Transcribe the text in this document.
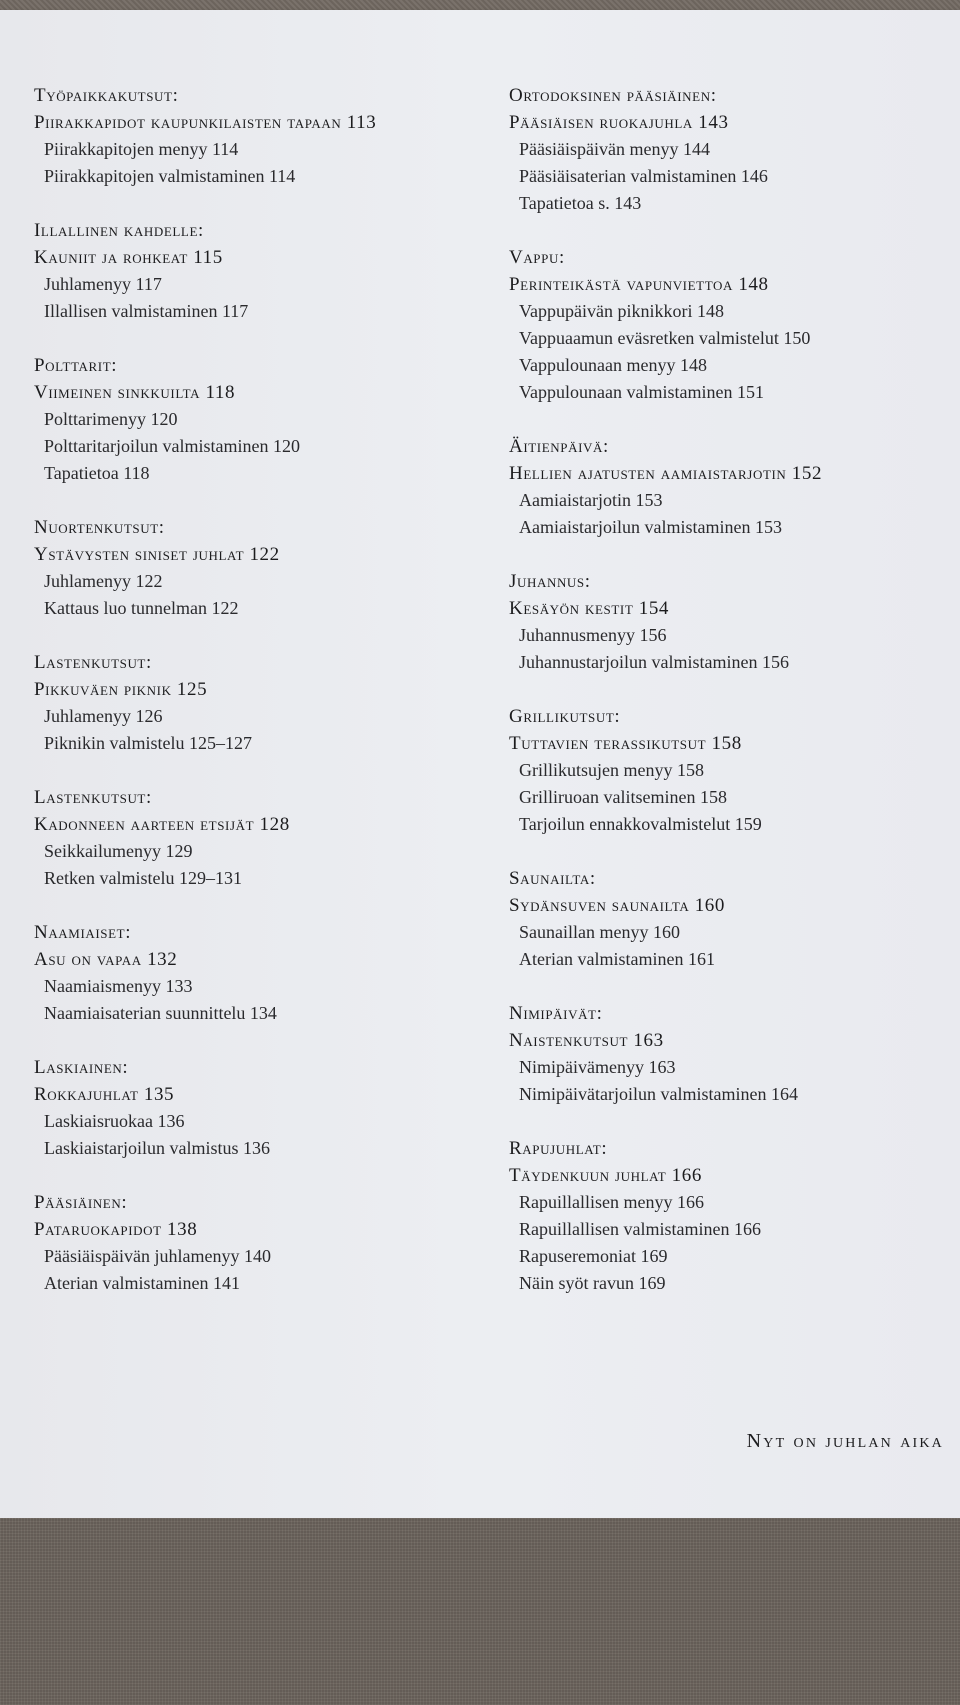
Työpaikkakutsut:
Piirakkapidot kaupunkilaisten tapaan 113
Piirakkapitojen menyy 114
Piirakkapitojen valmistaminen 114
Illallinen kahdelle:
Kauniit ja rohkeat 115
Juhlamenyy 117
Illallisen valmistaminen 117
Polttarit:
Viimeinen sinkkuilta 118
Polttarimenyy 120
Polttaritarjoilun valmistaminen 120
Tapatietoa 118
Nuortenkutsut:
Ystävysten siniset juhlat 122
Juhlamenyy 122
Kattaus luo tunnelman 122
Lastenkutsut:
Pikkuväen piknik 125
Juhlamenyy 126
Piknikin valmistelu 125–127
Lastenkutsut:
Kadonneen aarteen etsijät 128
Seikkailumenyy 129
Retken valmistelu 129–131
Naamiaiset:
Asu on vapaa 132
Naamiaismenyy 133
Naamiaisaterian suunnittelu 134
Laskiainen:
Rokkajuhlat 135
Laskiaisruokaa 136
Laskiaistarjoilun valmistus 136
Pääsiäinen:
Pataruokapidot 138
Pääsiäispäivän juhlamenyy 140
Aterian valmistaminen 141
Ortodoksinen pääsiäinen:
Pääsiäisen ruokajuhla 143
Pääsiäispäivän menyy 144
Pääsiäisaterian valmistaminen 146
Tapatietoa s. 143
Vappu:
Perinteikästä vapunviettoa 148
Vappupäivän piknikkori 148
Vappuaamun eväsretken valmistelut 150
Vappulounaan menyy 148
Vappulounaan valmistaminen 151
Äitienpäivä:
Hellien ajatusten aamiaistarjotin 152
Aamiaistarjotin 153
Aamiaistarjoilun valmistaminen 153
Juhannus:
Kesäyön kestit 154
Juhannusmenyy 156
Juhannustarjoilun valmistaminen 156
Grillikutsut:
Tuttavien terassikutsut 158
Grillikutsujen menyy 158
Grilliruoan valitseminen 158
Tarjoilun ennakkovalmistelut 159
Saunailta:
Sydänsuven saunailta 160
Saunaillan menyy 160
Aterian valmistaminen 161
Nimipäivät:
Naistenkutsut 163
Nimipäivämenyy 163
Nimipäivätarjoilun valmistaminen 164
Rapujuhlat:
Täydenkuun juhlat 166
Rapuillallisen menyy 166
Rapuillallisen valmistaminen 166
Rapuseremoniat 169
Näin syöt ravun 169
Nyt on juhlan aika
